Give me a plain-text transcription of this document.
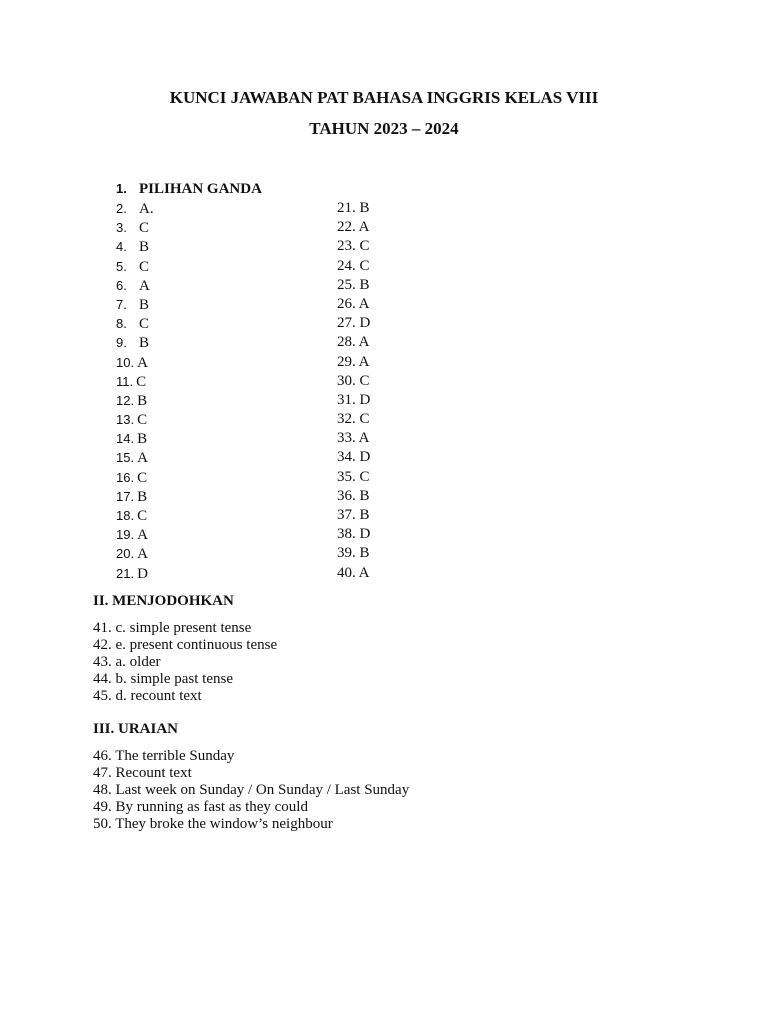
KUNCI JAWABAN PAT BAHASA INGGRIS KELAS VIII
TAHUN 2023 – 2024
1. PILIHAN GANDA
2. A.
3. C
4. B
5. C
6. A
7. B
8. C
9. B
10. A
11. C
12. B
13. C
14. B
15. A
16. C
17. B
18. C
19. A
20. A
21. D
21. B
22. A
23. C
24. C
25. B
26. A
27. D
28. A
29. A
30. C
31. D
32. C
33. A
34. D
35. C
36. B
37. B
38. D
39. B
40. A
II. MENJODOHKAN
41. c. simple present tense
42. e. present continuous tense
43. a. older
44. b. simple past tense
45. d. recount text
III. URAIAN
46. The terrible Sunday
47. Recount text
48. Last week on Sunday / On Sunday / Last Sunday
49. By running as fast as they could
50. They broke the window’s neighbour
